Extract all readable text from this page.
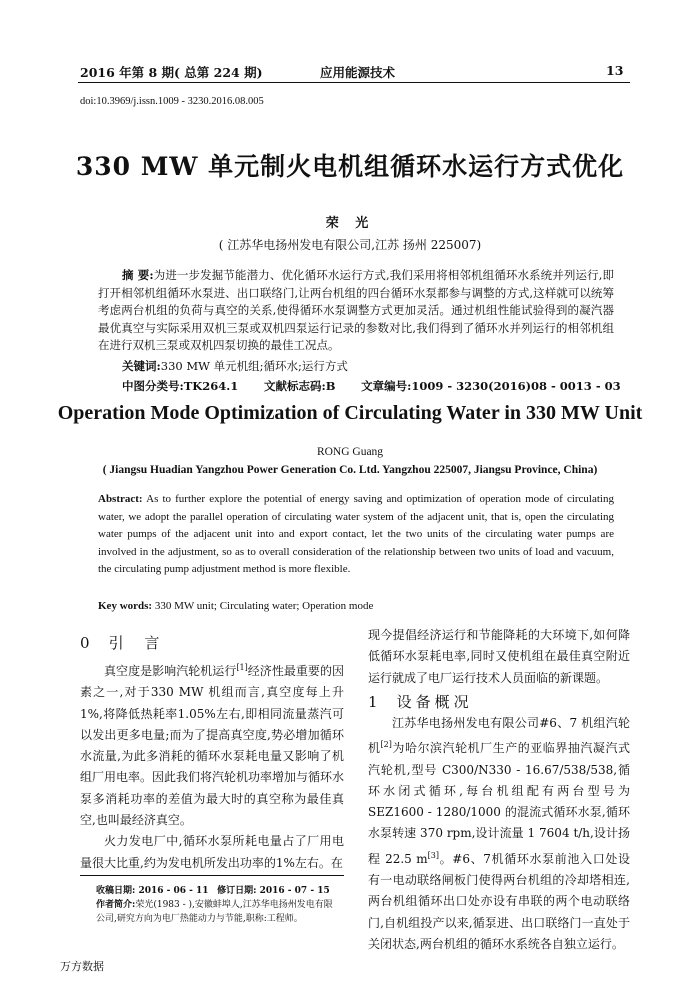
2016 年第 8 期( 总第 224 期)	应用能源技术	13
doi:10.3969/j.issn.1009 - 3230.2016.08.005
330 MW 单元制火电机组循环水运行方式优化
荣 光
( 江苏华电扬州发电有限公司,江苏 扬州 225007)
摘 要:为进一步发掘节能潜力、优化循环水运行方式,我们采用将相邻机组循环水系统并列运行,即打开相邻机组循环水泵进、出口联络门,让两台机组的四台循环水泵都参与调整的方式,这样就可以统筹考虑两台机组的负荷与真空的关系,使得循环水泵调整方式更加灵活。通过机组性能试验得到的凝汽器最优真空与实际采用双机三泵或双机四泵运行记录的参数对比,我们得到了循环水并列运行的相邻机组在进行双机三泵或双机四泵切换的最佳工况点。
关键词:330 MW 单元机组;循环水;运行方式
中图分类号:TK264.1 文献标志码:B 文章编号:1009 - 3230(2016)08 - 0013 - 03
Operation Mode Optimization of Circulating Water in 330 MW Unit
RONG Guang
( Jiangsu Huadian Yangzhou Power Generation Co. Ltd. Yangzhou 225007, Jiangsu Province, China)
Abstract: As to further explore the potential of energy saving and optimization of operation mode of circulating water, we adopt the parallel operation of circulating water system of the adjacent unit, that is, open the circulating water pumps of the adjacent unit into and export contact, let the two units of the circulating water pumps are involved in the adjustment, so as to overall consideration of the relationship between two units of load and vacuum, the circulating pump adjustment method is more flexible.
Key words: 330 MW unit; Circulating water; Operation mode
0 引 言

真空度是影响汽轮机运行[1]经济性最重要的因素之一,对于330 MW 机组而言,真空度每上升1%,将降低热耗率1.05%左右,即相同流量蒸汽可以发出更多电量;而为了提高真空度,势必增加循环水流量,为此多消耗的循环水泵耗电量又影响了机组厂用电率。因此我们将汽轮机功率增加与循环水泵多消耗功率的差值为最大时的真空称为最佳真空,也叫最经济真空。

火力发电厂中,循环水泵所耗电量占了厂用电量很大比重,约为发电机所发出功率的1%左右。在

收稿日期: 2016 - 06 - 11 修订日期: 2016 - 07 - 15
作者简介:荣光(1983 - ),安徽蚌埠人,江苏华电扬州发电有限公司,研究方向为电厂热能动力与节能,职称:工程师。

现今提倡经济运行和节能降耗的大环境下,如何降低循环水泵耗电率,同时又使机组在最佳真空附近运行就成了电厂运行技术人员面临的新课题。

1 设备概况

江苏华电扬州发电有限公司#6、7 机组汽轮机[2]为哈尔滨汽轮机厂生产的亚临界抽汽凝汽式汽轮机,型号 C300/N330 - 16.67/538/538,循环水闭式循环,每台机组配有两台型号为 SEZ1600 - 1280/1000 的混流式循环水泵,循环水泵转速 370 rpm,设计流量 1 7604 t/h,设计扬程 22.5 m[3]。#6、7机循环水泵前池入口处设有一电动联络闸板门使得两台机组的冷却塔相连,两台机组循环出口处亦设有串联的两个电动联络门,自机组投产以来,循泵进、出口联络门一直处于关闭状态,两台机组的循环水系统各自独立运行。

万方数据
